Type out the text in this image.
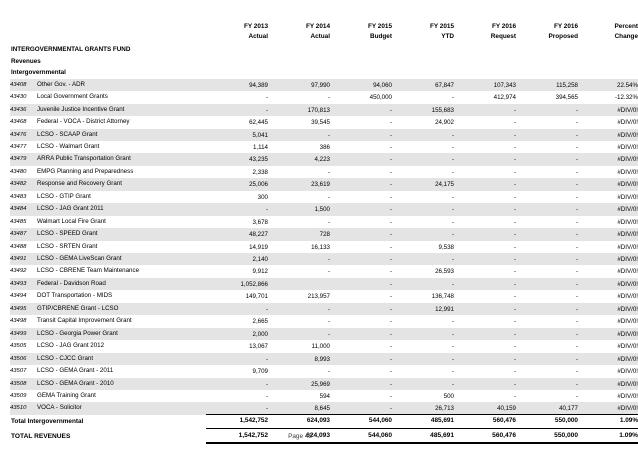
	FY 2013	FY 2014	FY 2015	FY 2015	FY 2016	FY 2016	Percent
	Actual	Actual	Budget	YTD	Request	Proposed	Change
INTERGOVERNMENTAL GRANTS FUND							
Revenues							
Intergovernmental							
43408 Other Gov. - ADR	94,389	97,990	94,060	67,847	107,343	115,258	22.54%
43430 Local Government Grants	-	-	450,000	-	412,974	394,565	-12.32%
43436 Juvenile Justice Incentive Grant	-	170,813	-	155,683	-	-	#DIV/0!
43468 Federal - VOCA - District Attorney	62,445	39,545	-	24,902	-	-	#DIV/0!
43476 LCSO - SCAAP Grant	5,041	-	-	-	-	-	#DIV/0!
43477 LCSO - Walmart Grant	1,114	386	-	-	-	-	#DIV/0!
43479 ARRA Public Transportation Grant	43,235	4,223	-	-	-	-	#DIV/0!
43480 EMPG Planning and Preparedness	2,338	-	-	-	-	-	#DIV/0!
43482 Response and Recovery Grant	25,006	23,619	-	24,175	-	-	#DIV/0!
43483 LCSO - GTIP Grant	300	-	-	-	-	-	#DIV/0!
43484 LCSO - JAG Grant 2011	-	1,500	-	-	-	-	#DIV/0!
43485 Walmart Local Fire Grant	3,678	-	-	-	-	-	#DIV/0!
43487 LCSO - SPEED Grant	48,227	728	-	-	-	-	#DIV/0!
43488 LCSO - SRTEN Grant	14,919	16,133	-	9,538	-	-	#DIV/0!
43491 LCSO - GEMA LiveScan Grant	2,140	-	-	-	-	-	#DIV/0!
43492 LCSO - CBRENE Team Maintenance	9,912	-	-	26,593	-	-	#DIV/0!
43493 Federal - Davidson Road	1,052,866		-	-	-	-	#DIV/0!
43494 DOT Transportation - MIDS	149,701	213,957	-	136,748	-	-	#DIV/0!
43495 GTIP/CBRENE Grant - LCSO	-	-	-	12,991	-	-	#DIV/0!
43498 Transit Capital Improvement Grant	2,665	-	-	-	-	-	#DIV/0!
43499 LCSO - Georgia Power Grant	2,000	-	-	-	-	-	#DIV/0!
43505 LCSO - JAG Grant 2012	13,067	11,000	-	-	-	-	#DIV/0!
43506 LCSO - CJCC Grant	-	8,993	-	-	-	-	#DIV/0!
43507 LCSO - GEMA Grant - 2011	9,709	-	-	-	-	-	#DIV/0!
43508 LCSO - GEMA Grant - 2010	-	25,969	-	-	-	-	#DIV/0!
43509 GEMA Training Grant	-	594	-	500	-	-	#DIV/0!
43510 VOCA - Solicitor	-	8,645	-	26,713	40,159	40,177	#DIV/0!
Total Intergovernmental	1,542,752	624,093	544,060	485,691	560,476	550,000	1.09%
TOTAL REVENUES	1,542,752	624,093	544,060	485,691	560,476	550,000	1.09%
Page 43
